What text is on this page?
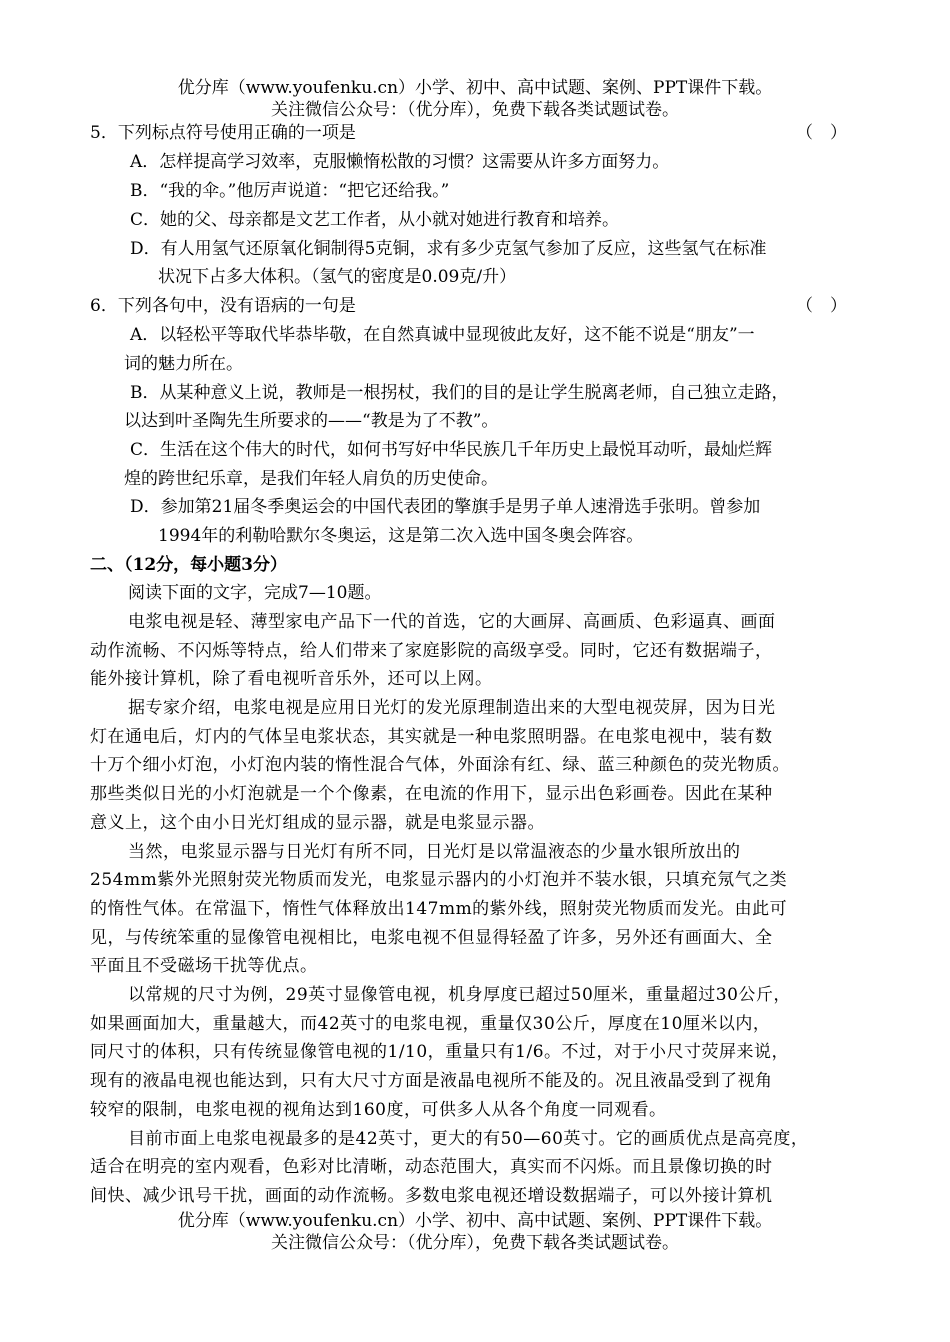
优分库（www.youfenku.cn）小学、初中、高中试题、案例、PPT课件下载。
关注微信公众号：（优分库），免费下载各类试题试卷。
5．下列标点符号使用正确的一项是	（　）
A．怎样提高学习效率，克服懒惰松散的习惯？这需要从许多方面努力。
B．“我的伞。”他厉声说道：“把它还给我。”
C．她的父、母亲都是文艺工作者，从小就对她进行教育和培养。
D．有人用氢气还原氧化铜制得5克铜，求有多少克氢气参加了反应，这些氢气在标准
状况下占多大体积。（氢气的密度是0.09克/升）
6．下列各句中，没有语病的一句是	（　）
A．以轻松平等取代毕恭毕敬，在自然真诚中显现彼此友好，这不能不说是“朋友”一
词的魅力所在。
B．从某种意义上说，教师是一根拐杖，我们的目的是让学生脱离老师，自己独立走路，
以达到叶圣陶先生所要求的——“教是为了不教”。
C．生活在这个伟大的时代，如何书写好中华民族几千年历史上最悦耳动听，最灿烂辉
煌的跨世纪乐章，是我们年轻人肩负的历史使命。
D．参加第21届冬季奥运会的中国代表团的擎旗手是男子单人速滑选手张明。曾参加
1994年的利勒哈默尔冬奥运，这是第二次入选中国冬奥会阵容。
二、（12分，每小题3分）
阅读下面的文字，完成7—10题。
电浆电视是轻、薄型家电产品下一代的首选，它的大画屏、高画质、色彩逼真、画面
动作流畅、不闪烁等特点，给人们带来了家庭影院的高级享受。同时，它还有数据端子，
能外接计算机，除了看电视听音乐外，还可以上网。
据专家介绍，电浆电视是应用日光灯的发光原理制造出来的大型电视荧屏，因为日光
灯在通电后，灯内的气体呈电浆状态，其实就是一种电浆照明器。在电浆电视中，装有数
十万个细小灯泡，小灯泡内装的惰性混合气体，外面涂有红、绿、蓝三种颜色的荧光物质。
那些类似日光的小灯泡就是一个个像素，在电流的作用下，显示出色彩画卷。因此在某种
意义上，这个由小日光灯组成的显示器，就是电浆显示器。
当然，电浆显示器与日光灯有所不同，日光灯是以常温液态的少量水银所放出的
254mm紫外光照射荧光物质而发光，电浆显示器内的小灯泡并不装水银，只填充氖气之类
的惰性气体。在常温下，惰性气体释放出147mm的紫外线，照射荧光物质而发光。由此可
见，与传统笨重的显像管电视相比，电浆电视不但显得轻盈了许多，另外还有画面大、全
平面且不受磁场干扰等优点。
以常规的尺寸为例，29英寸显像管电视，机身厚度已超过50厘米，重量超过30公斤，
如果画面加大，重量越大，而42英寸的电浆电视，重量仅30公斤，厚度在10厘米以内，
同尺寸的体积，只有传统显像管电视的1/10，重量只有1/6。不过，对于小尺寸荧屏来说，
现有的液晶电视也能达到，只有大尺寸方面是液晶电视所不能及的。况且液晶受到了视角
较窄的限制，电浆电视的视角达到160度，可供多人从各个角度一同观看。
目前市面上电浆电视最多的是42英寸，更大的有50—60英寸。它的画质优点是高亮度，
适合在明亮的室内观看，色彩对比清晰，动态范围大，真实而不闪烁。而且景像切换的时
间快、减少讯号干扰，画面的动作流畅。多数电浆电视还增设数据端子，可以外接计算机
优分库（www.youfenku.cn）小学、初中、高中试题、案例、PPT课件下载。
关注微信公众号：（优分库），免费下载各类试题试卷。
